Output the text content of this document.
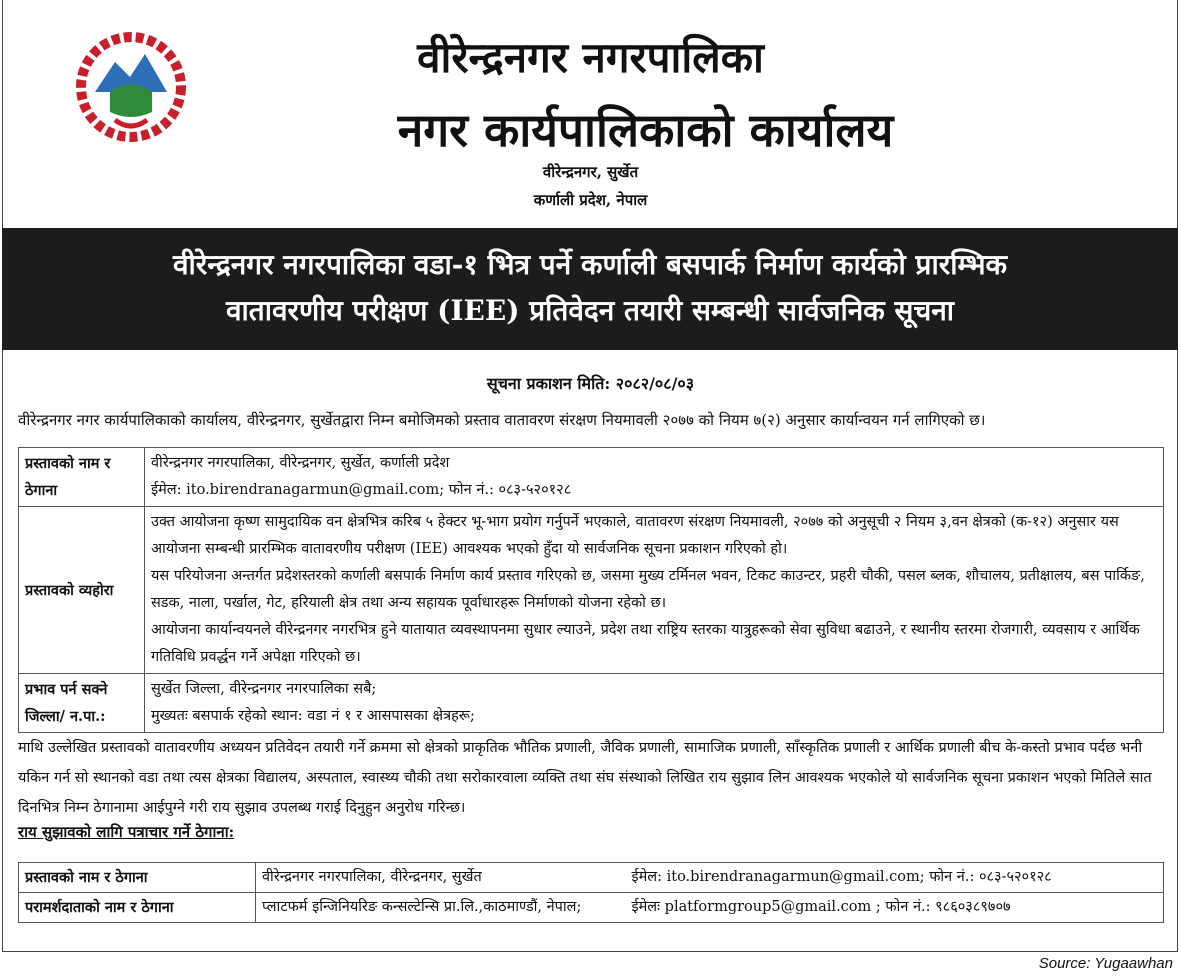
वीरेन्द्रनगर नगरपालिका
नगर कार्यपालिकाको कार्यालय
वीरेन्द्रनगर, सुर्खेत
कर्णाली प्रदेश, नेपाल
वीरेन्द्रनगर नगरपालिका वडा-१ भित्र पर्ने कर्णाली बसपार्क निर्माण कार्यको प्रारम्भिक
वातावरणीय परीक्षण (IEE) प्रतिवेदन तयारी सम्बन्धी सार्वजनिक सूचना
सूचना प्रकाशन मिति: २०८२/०८/०३
वीरेन्द्रनगर नगर कार्यपालिकाको कार्यालय, वीरेन्द्रनगर, सुर्खेतद्वारा निम्न बमोजिमको प्रस्ताव वातावरण संरक्षण नियमावली २०७७ को नियम ७(२) अनुसार कार्यान्वयन गर्न लागिएको छ।
प्रस्तावको नाम र ठेगाना	वीरेन्द्रनगर नगरपालिका, वीरेन्द्रनगर, सुर्खेत, कर्णाली प्रदेश
ईमेल: ito.birendranagarmun@gmail.com; फोन नं.: ०८३-५२०१२८

प्रस्तावको व्यहोरा	उक्त आयोजना कृष्ण सामुदायिक वन क्षेत्रभित्र करिब ५ हेक्टर भू-भाग प्रयोग गर्नुपर्ने भएकाले, वातावरण संरक्षण नियमावली, २०७७ को अनुसूची २ नियम ३,वन क्षेत्रको (क-१२) अनुसार यस आयोजना सम्बन्धी प्रारम्भिक वातावरणीय परीक्षण (IEE) आवश्यक भएको हुँदा यो सार्वजनिक सूचना प्रकाशन गरिएको हो।
यस परियोजना अन्तर्गत प्रदेशस्तरको कर्णाली बसपार्क निर्माण कार्य प्रस्ताव गरिएको छ, जसमा मुख्य टर्मिनल भवन, टिकट काउन्टर, प्रहरी चौकी, पसल ब्लक, शौचालय, प्रतीक्षालय, बस पार्किङ, सडक, नाला, पर्खाल, गेट, हरियाली क्षेत्र तथा अन्य सहायक पूर्वाधारहरू निर्माणको योजना रहेको छ।
आयोजना कार्यान्वयनले वीरेन्द्रनगर नगरभित्र हुने यातायात व्यवस्थापनमा सुधार ल्याउने, प्रदेश तथा राष्ट्रिय स्तरका यात्रुहरूको सेवा सुविधा बढाउने, र स्थानीय स्तरमा रोजगारी, व्यवसाय र आर्थिक गतिविधि प्रवर्द्धन गर्ने अपेक्षा गरिएको छ।

प्रभाव पर्न सक्ने जिल्ला/ न.पा.:	सुर्खेत जिल्ला, वीरेन्द्रनगर नगरपालिका सबै;
मुख्यतः बसपार्क रहेको स्थान: वडा नं १ र आसपासका क्षेत्रहरू;
माथि उल्लेखित प्रस्तावको वातावरणीय अध्ययन प्रतिवेदन तयारी गर्ने क्रममा सो क्षेत्रको प्राकृतिक भौतिक प्रणाली, जैविक प्रणाली, सामाजिक प्रणाली, साँस्कृतिक प्रणाली र आर्थिक प्रणाली बीच के-कस्तो प्रभाव पर्दछ भनी यकिन गर्न सो स्थानको वडा तथा त्यस क्षेत्रका विद्यालय, अस्पताल, स्वास्थ्य चौकी तथा सरोकारवाला व्यक्ति तथा संघ संस्थाको लिखित राय सुझाव लिन आवश्यक भएकोले यो सार्वजनिक सूचना प्रकाशन भएको मितिले सात दिनभित्र निम्न ठेगानामा आईपुग्ने गरी राय सुझाव उपलब्ध गराई दिनुहुन अनुरोध गरिन्छ।
राय सुझावको लागि पत्राचार गर्ने ठेगाना:
प्रस्तावको नाम र ठेगाना	वीरेन्द्रनगर नगरपालिका, वीरेन्द्रनगर, सुर्खेत	ईमेल: ito.birendranagarmun@gmail.com; फोन नं.: ०८३-५२०१२८
परामर्शदाताको नाम र ठेगाना	प्लाटफर्म इन्जिनियरिङ कन्सल्टेन्सि प्रा.लि.,काठमाण्डौं, नेपाल;	ईमेलः platformgroup5@gmail.com ; फोन नं.: ९८६०३८९७०७
Source: Yugaawhan
